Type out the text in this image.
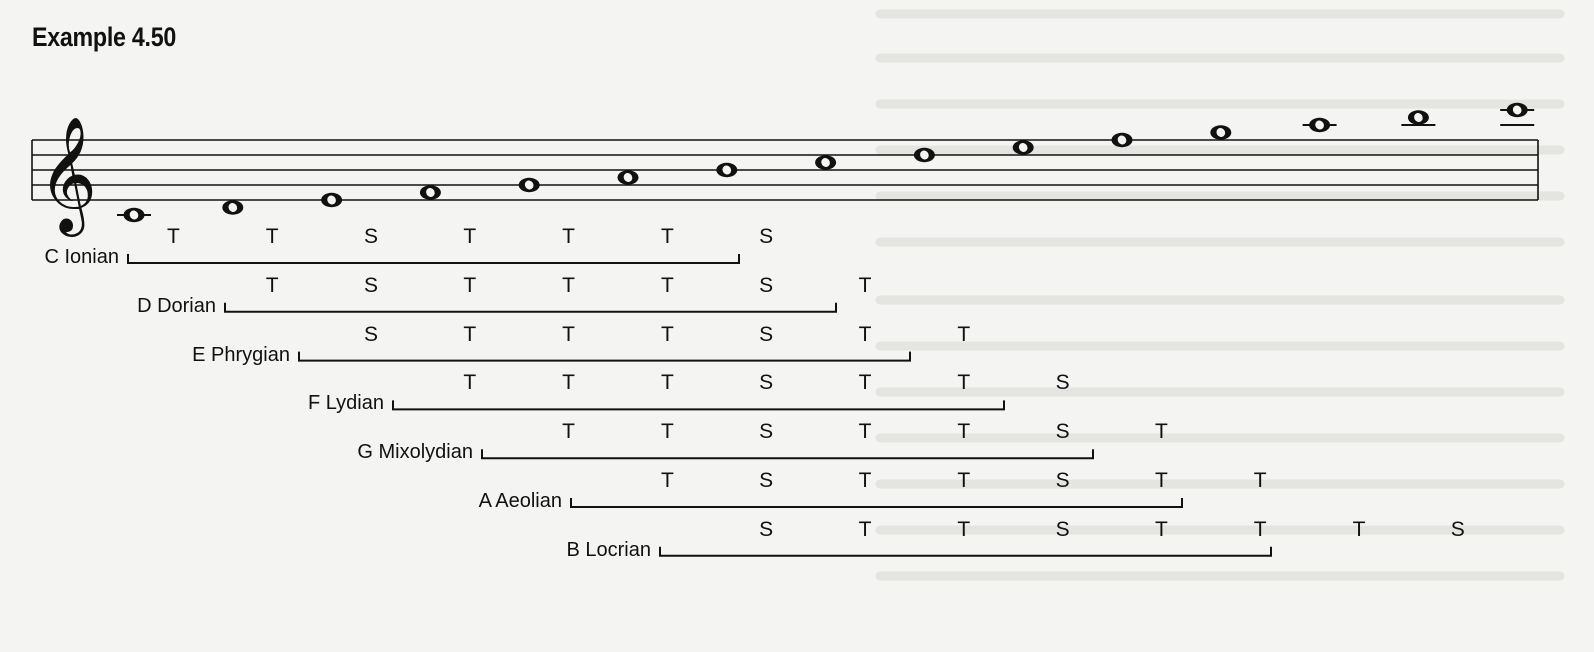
Example 4.50
𝄞
C Ionian
T	T	S	T	T	T	S
D Dorian
T	S	T	T	T	S	T
E Phrygian
S	T	T	T	S	T	T
F Lydian
T	T	T	S	T	T	S
G Mixolydian
T	T	S	T	T	S	T
A Aeolian
T	S	T	T	S	T	T
B Locrian
S	T	T	S	T	T	T	S
